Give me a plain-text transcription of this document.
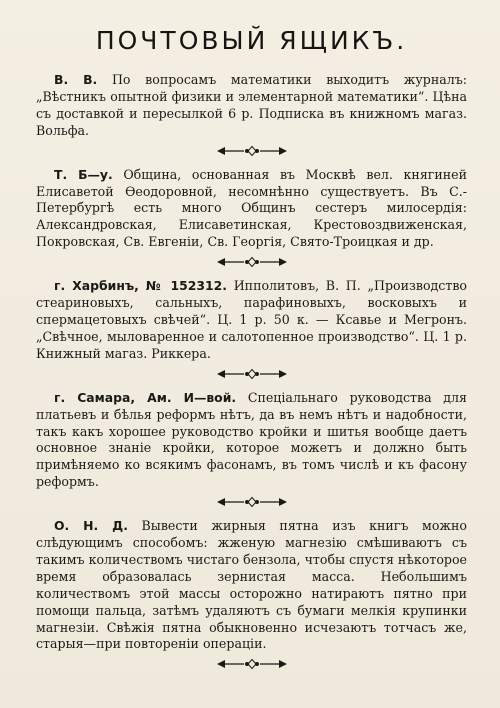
ПОЧТОВЫЙ ЯЩИКЪ.

В. В. По вопросамъ математики выходитъ журналъ: „Вѣстникъ опытной физики и элементарной математики“. Цѣна съ доставкой и пересылкой 6 р. Подписка въ книжномъ магаз. Вольфа.

Т. Б—у. Община, основанная въ Москвѣ вел. княгиней Елисаветой Ѳеодоровной, несомнѣнно существуетъ. Въ С.-Петербургѣ есть много Общинъ сестеръ милосердія: Александровская, Елисаветинская, Крестовоздвиженская, Покровская, Св. Евгеніи, Св. Георгія, Свято-Троицкая и др.

г. Харбинъ, № 152312. Ипполитовъ, В. П. „Производство стеариновыхъ, сальныхъ, парафиновыхъ, восковыхъ и спермацетовыхъ свѣчей“. Ц. 1 р. 50 к. — Ксавье и Мегронъ. „Свѣчное, мыловаренное и салотопенное производство“. Ц. 1 р. Книжный магаз. Риккера.

г. Самара, Ам. И—вой. Спеціальнаго руководства для платьевъ и бѣлья реформъ нѣтъ, да въ немъ нѣтъ и надобности, такъ какъ хорошее руководство кройки и шитья вообще даетъ основное знаніе кройки, которое можетъ и должно быть примѣняемо ко всякимъ фасонамъ, въ томъ числѣ и къ фасону реформъ.

О. Н. Д. Вывести жирныя пятна изъ книгъ можно слѣдующимъ способомъ: жженую магнезію смѣшиваютъ съ такимъ количествомъ чистаго бензола, чтобы спустя нѣкоторое время образовалась зернистая масса. Небольшимъ количествомъ этой массы осторожно натираютъ пятно при помощи пальца, затѣмъ удаляютъ съ бумаги мелкія крупинки магнезіи. Свѣжія пятна обыкновенно исчезаютъ тотчасъ же, старыя—при повтореніи операціи.
